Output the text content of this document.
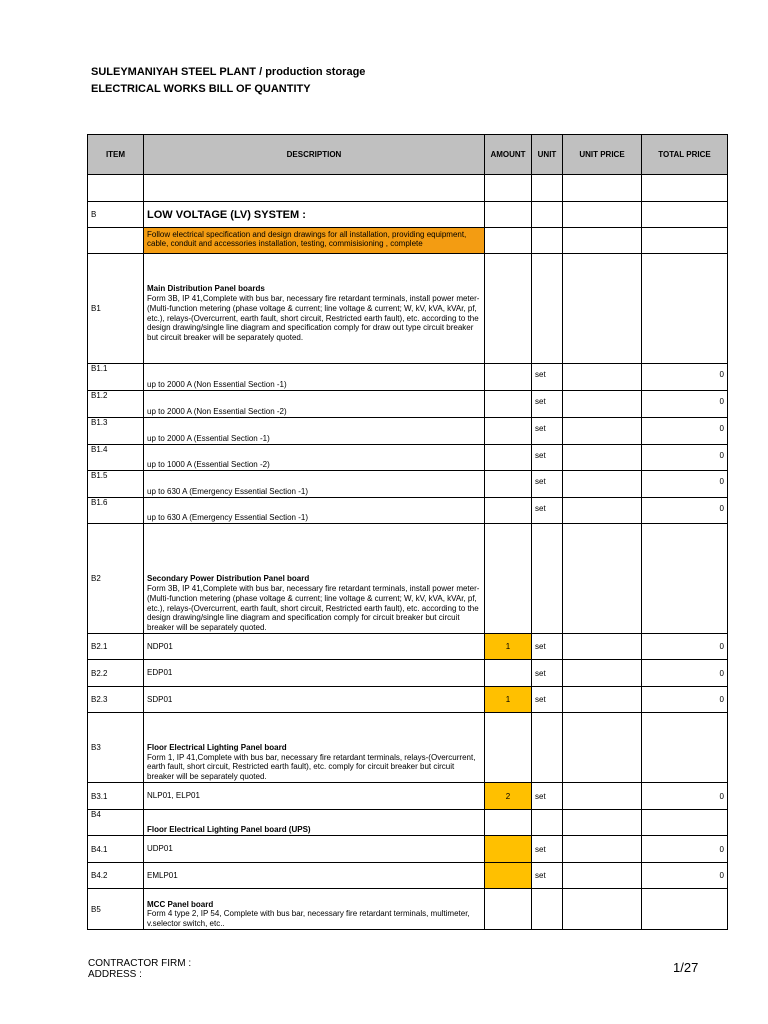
SULEYMANIYAH STEEL PLANT / production storage
ELECTRICAL WORKS BILL OF QUANTITY
ITEM	DESCRIPTION	AMOUNT	UNIT	UNIT PRICE	TOTAL PRICE

B	LOW VOLTAGE (LV) SYSTEM :				

	Follow electrical specification and design drawings for all installation, providing equipment, cable, conduit and accessories installation, testing, commisisioning , complete				

B1	Main Distribution Panel boards
Form 3B, IP 41,Complete with bus bar, necessary fire retardant terminals, install power meter- (Multi-function metering (phase voltage & current; line voltage & current; W, kV, kVA, kVAr, pf, etc.), relays-(Overcurrent, earth fault, short circuit, Restricted earth fault), etc. according to the design drawing/single line diagram and specification comply for draw out type circuit breaker but circuit breaker will be separately quoted.				

B1.1	up to 2000 A (Non Essential Section -1)		set		0
B1.2	up to 2000 A (Non Essential Section -2)		set		0
B1.3	up to 2000 A (Essential Section -1)		set		0
B1.4	up to 1000 A (Essential Section -2)		set		0
B1.5	up to 630 A (Emergency Essential Section -1)		set		0
B1.6	up to 630 A (Emergency Essential Section -1)		set		0
B2	Secondary Power Distribution Panel board
Form 3B, IP 41,Complete with bus bar, necessary fire retardant terminals, install power meter- (Multi-function metering (phase voltage & current; line voltage & current; W, kV, kVA, kVAr, pf, etc.), relays-(Overcurrent, earth fault, short circuit, Restricted earth fault), etc. according to the design drawing/single line diagram and specification comply for circuit breaker but circuit breaker will be separately quoted.				

B2.1	NDP01	1	set		0
B2.2	EDP01		set		0
B2.3	SDP01	1	set		0
B3	Floor Electrical Lighting Panel board
Form 1, IP 41,Complete with bus bar, necessary fire retardant terminals, relays-(Overcurrent, earth fault, short circuit, Restricted earth fault), etc. comply for circuit breaker but circuit breaker will be separately quoted.				

B3.1	NLP01, ELP01	2	set		0
B4	Floor Electrical Lighting Panel board (UPS)				

B4.1	UDP01		set		0
B4.2	EMLP01		set		0
B5	MCC Panel board
Form 4 type 2, IP 54, Complete with bus bar, necessary fire retardant terminals, multimeter, v.selector switch, etc..				

CONTRACTOR FIRM :
ADDRESS :	1/27
